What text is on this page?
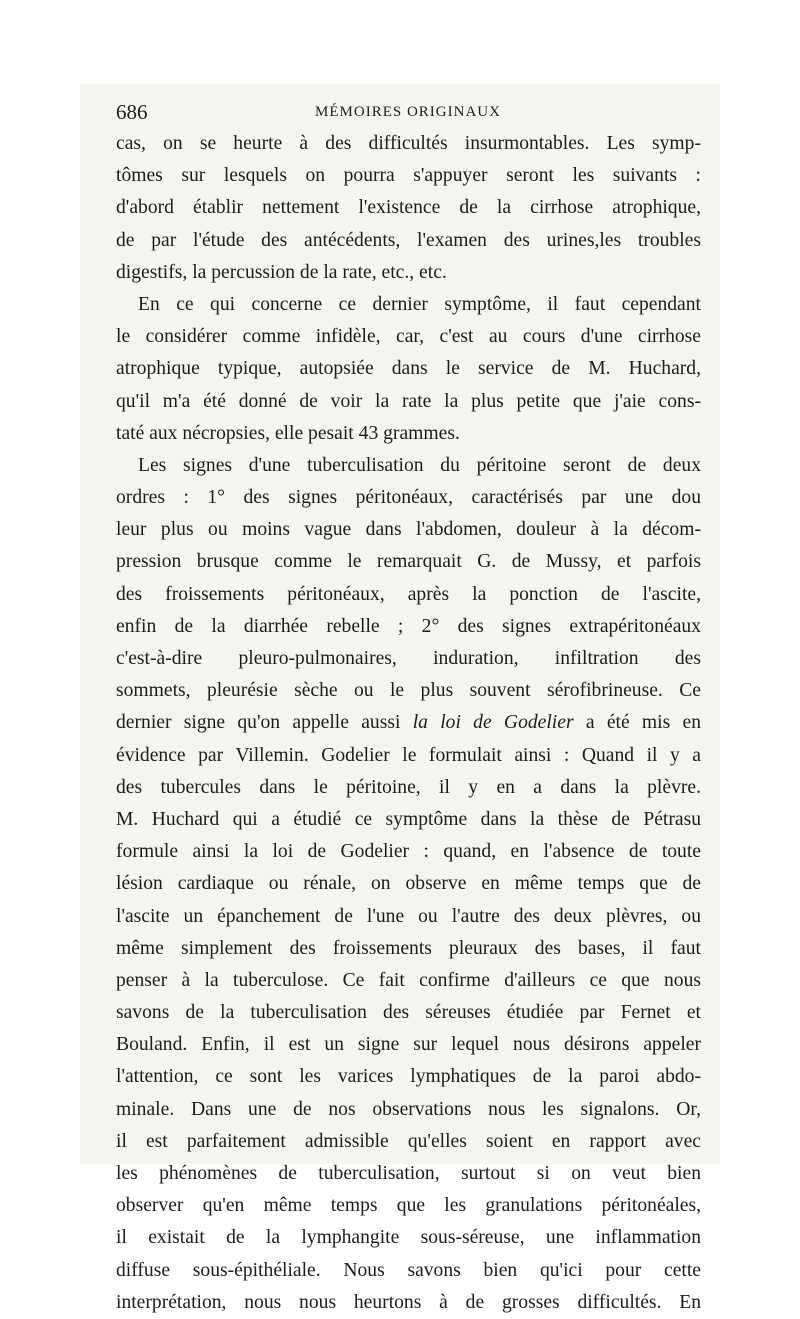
686	MÉMOIRES ORIGINAUX
cas, on se heurte à des difficultés insurmontables. Les symp-
tômes sur lesquels on pourra s'appuyer seront les suivants :
d'abord établir nettement l'existence de la cirrhose atrophique,
de par l'étude des antécédents, l'examen des urines,les troubles
digestifs, la percussion de la rate, etc., etc.
En ce qui concerne ce dernier symptôme, il faut cependant
le considérer comme infidèle, car, c'est au cours d'une cirrhose
atrophique typique, autopsiée dans le service de M. Huchard,
qu'il m'a été donné de voir la rate la plus petite que j'aie cons-
taté aux nécropsies, elle pesait 43 grammes.
Les signes d'une tuberculisation du péritoine seront de deux
ordres : 1° des signes péritonéaux, caractérisés par une dou
leur plus ou moins vague dans l'abdomen, douleur à la décom-
pression brusque comme le remarquait G. de Mussy, et parfois
des froissements péritonéaux, après la ponction de l'ascite,
enfin de la diarrhée rebelle ; 2° des signes extrapéritonéaux
c'est-à-dire pleuro-pulmonaires, induration, infiltration des
sommets, pleurésie sèche ou le plus souvent sérofibrineuse. Ce
dernier signe qu'on appelle aussi la loi de Godelier a été mis en
évidence par Villemin. Godelier le formulait ainsi : Quand il y a
des tubercules dans le péritoine, il y en a dans la plèvre.
M. Huchard qui a étudié ce symptôme dans la thèse de Pétrasu
formule ainsi la loi de Godelier : quand, en l'absence de toute
lésion cardiaque ou rénale, on observe en même temps que de
l'ascite un épanchement de l'une ou l'autre des deux plèvres, ou
même simplement des froissements pleuraux des bases, il faut
penser à la tuberculose. Ce fait confirme d'ailleurs ce que nous
savons de la tuberculisation des séreuses étudiée par Fernet et
Bouland. Enfin, il est un signe sur lequel nous désirons appeler
l'attention, ce sont les varices lymphatiques de la paroi abdo-
minale. Dans une de nos observations nous les signalons. Or,
il est parfaitement admissible qu'elles soient en rapport avec
les phénomènes de tuberculisation, surtout si on veut bien
observer qu'en même temps que les granulations péritonéales,
il existait de la lymphangite sous-séreuse, une inflammation
diffuse sous-épithéliale. Nous savons bien qu'ici pour cette
interprétation, nous nous heurtons à de grosses difficultés. En
